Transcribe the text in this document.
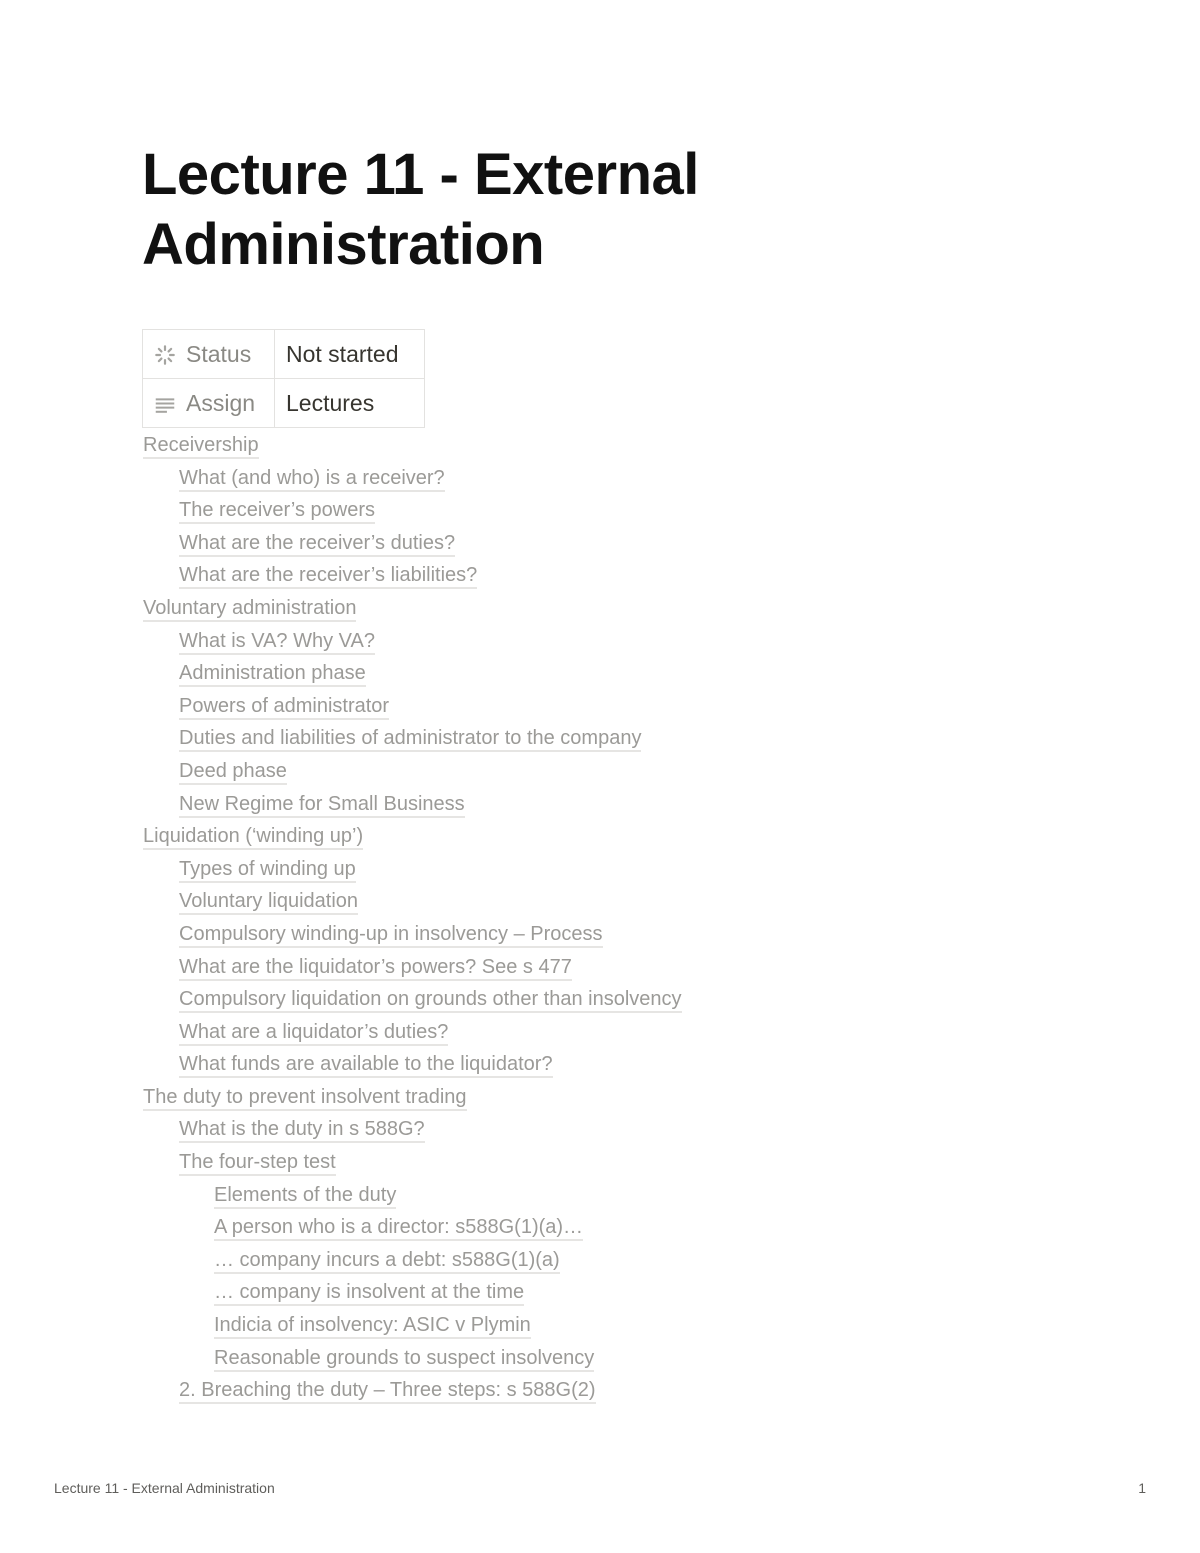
Lecture 11 - External Administration
Status	Not started
Assign	Lectures
Receivership
What (and who) is a receiver?
The receiver’s powers
What are the receiver’s duties?
What are the receiver’s liabilities?
Voluntary administration
What is VA? Why VA?
Administration phase
Powers of administrator
Duties and liabilities of administrator to the company
Deed phase
New Regime for Small Business
Liquidation (‘winding up’)
Types of winding up
Voluntary liquidation
Compulsory winding-up in insolvency – Process
What are the liquidator’s powers? See s 477
Compulsory liquidation on grounds other than insolvency
What are a liquidator’s duties?
What funds are available to the liquidator?
The duty to prevent insolvent trading
What is the duty in s 588G?
The four-step test
Elements of the duty
A person who is a director: s588G(1)(a)…
… company incurs a debt: s588G(1)(a)
… company is insolvent at the time
Indicia of insolvency: ASIC v Plymin
Reasonable grounds to suspect insolvency
2. Breaching the duty – Three steps: s 588G(2)
Lecture 11 - External Administration	1
